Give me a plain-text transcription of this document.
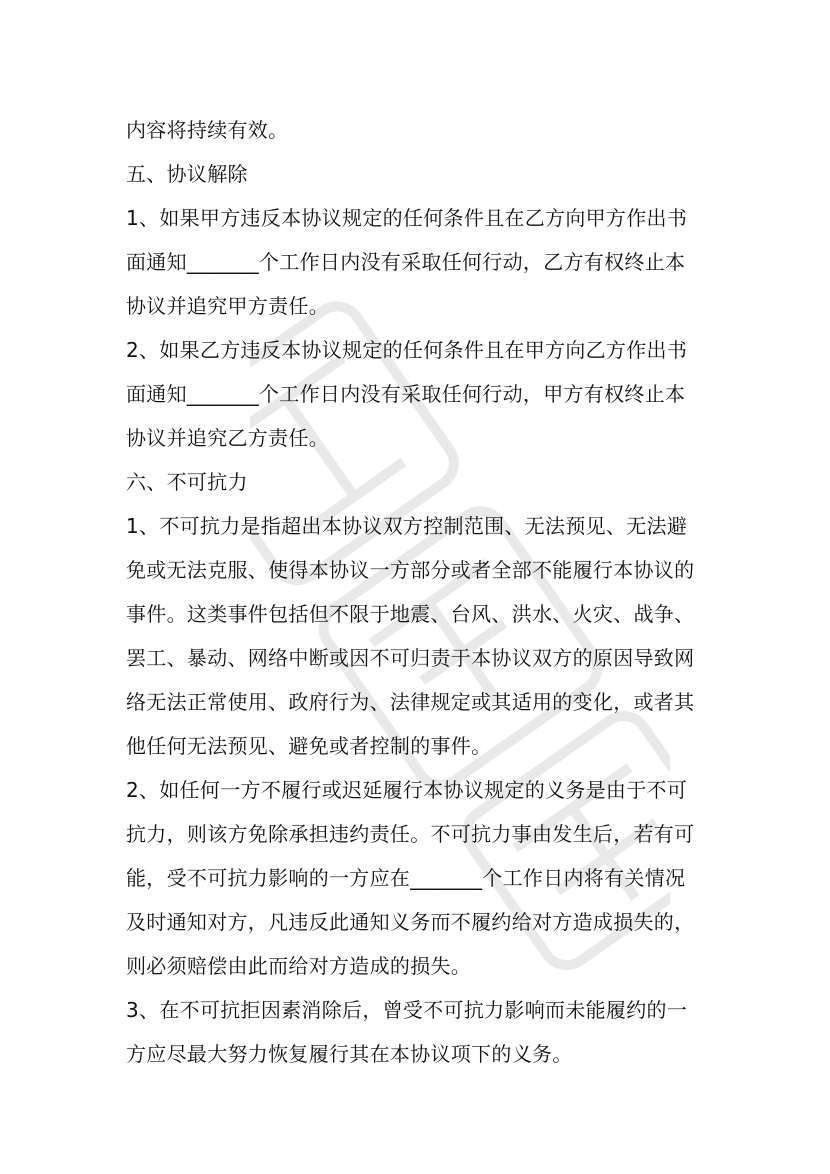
内容将持续有效。
五、协议解除
1、如果甲方违反本协议规定的任何条件且在乙方向甲方作出书
面通知_______个工作日内没有采取任何行动，乙方有权终止本
协议并追究甲方责任。
2、如果乙方违反本协议规定的任何条件且在甲方向乙方作出书
面通知_______个工作日内没有采取任何行动，甲方有权终止本
协议并追究乙方责任。
六、不可抗力
1、不可抗力是指超出本协议双方控制范围、无法预见、无法避
免或无法克服、使得本协议一方部分或者全部不能履行本协议的
事件。这类事件包括但不限于地震、台风、洪水、火灾、战争、
罢工、暴动、网络中断或因不可归责于本协议双方的原因导致网
络无法正常使用、政府行为、法律规定或其适用的变化，或者其
他任何无法预见、避免或者控制的事件。
2、如任何一方不履行或迟延履行本协议规定的义务是由于不可
抗力，则该方免除承担违约责任。不可抗力事由发生后，若有可
能，受不可抗力影响的一方应在_______个工作日内将有关情况
及时通知对方，凡违反此通知义务而不履约给对方造成损失的，
则必须赔偿由此而给对方造成的损失。
3、在不可抗拒因素消除后，曾受不可抗力影响而未能履约的一
方应尽最大努力恢复履行其在本协议项下的义务。
